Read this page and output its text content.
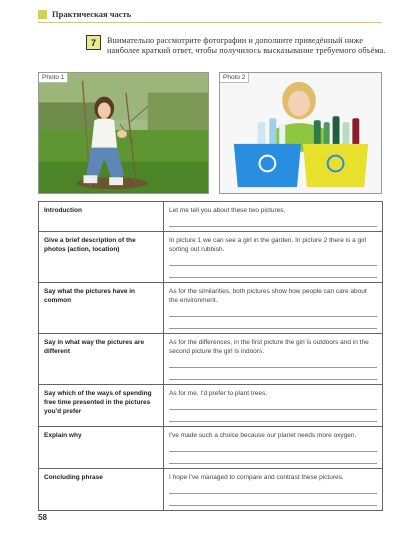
Практическая часть
7	Внимательно рассмотрите фотографии и дополните приведённый ниже наиболее краткий ответ, чтобы получилось высказывание требуемого объёма.
Photo 1	Photo 2
Introduction	Let me tell you about these two pictures.

Give a brief description of the photos (action, location)	In picture 1 we can see a girl in the garden. In picture 2 there is a girl sorting out rubbish.

Say what the pictures have in common	As for the similarities, both pictures show how people can care about the environment.

Say in what way the pictures are different	As for the differences, in the first picture the girl is outdoors and in the second picture the girl is indoors.

Say which of the ways of spending free time presented in the pictures you'd prefer	As for me, I'd prefer to plant trees.

Explain why	I've made such a choice because our planet needs more oxygen.

Concluding phrase	I hope I've managed to compare and contrast these pictures.
58
